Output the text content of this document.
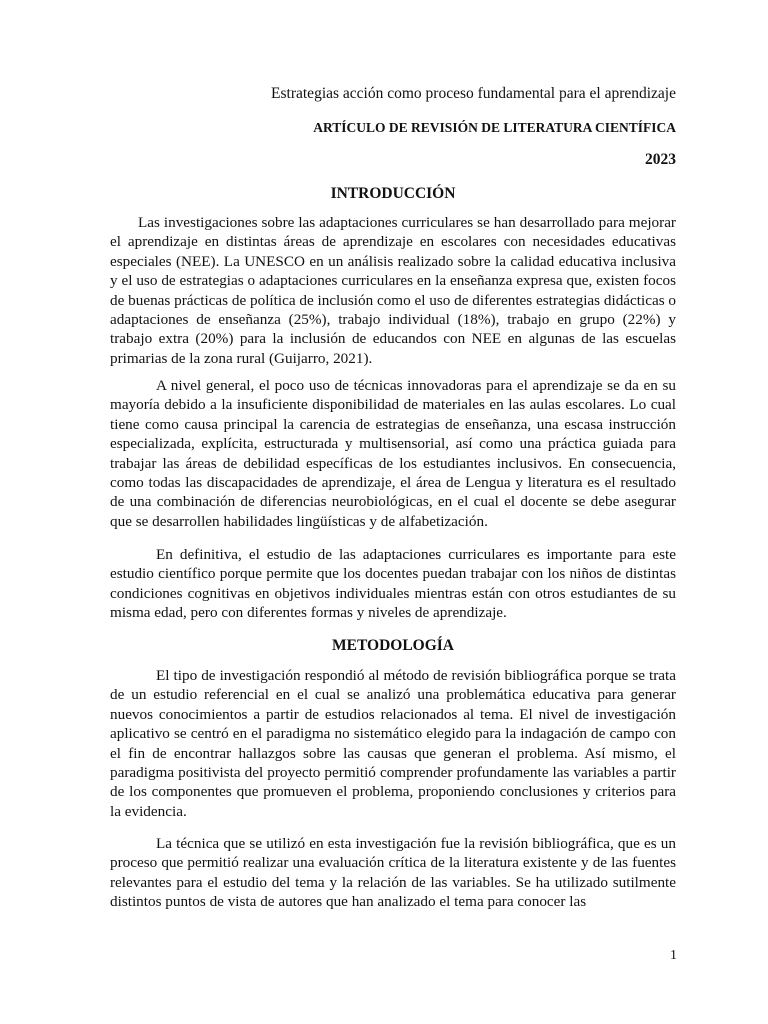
Estrategias acción como proceso fundamental para el aprendizaje
ARTÍCULO DE REVISIÓN DE LITERATURA CIENTÍFICA
2023
INTRODUCCIÓN

Las investigaciones sobre las adaptaciones curriculares se han desarrollado para mejorar el aprendizaje en distintas áreas de aprendizaje en escolares con necesidades educativas especiales (NEE). La UNESCO en un análisis realizado sobre la calidad educativa inclusiva y el uso de estrategias o adaptaciones curriculares en la enseñanza expresa que, existen focos de buenas prácticas de política de inclusión como el uso de diferentes estrategias didácticas o adaptaciones de enseñanza (25%), trabajo individual (18%), trabajo en grupo (22%) y trabajo extra (20%) para la inclusión de educandos con NEE en algunas de las escuelas primarias de la zona rural (Guijarro, 2021).

A nivel general, el poco uso de técnicas innovadoras para el aprendizaje se da en su mayoría debido a la insuficiente disponibilidad de materiales en las aulas escolares. Lo cual tiene como causa principal la carencia de estrategias de enseñanza, una escasa instrucción especializada, explícita, estructurada y multisensorial, así como una práctica guiada para trabajar las áreas de debilidad específicas de los estudiantes inclusivos. En consecuencia, como todas las discapacidades de aprendizaje, el área de Lengua y literatura es el resultado de una combinación de diferencias neurobiológicas, en el cual el docente se debe asegurar que se desarrollen habilidades lingüísticas y de alfabetización.

En definitiva, el estudio de las adaptaciones curriculares es importante para este estudio científico porque permite que los docentes puedan trabajar con los niños de distintas condiciones cognitivas en objetivos individuales mientras están con otros estudiantes de su misma edad, pero con diferentes formas y niveles de aprendizaje.

METODOLOGÍA

El tipo de investigación respondió al método de revisión bibliográfica porque se trata de un estudio referencial en el cual se analizó una problemática educativa para generar nuevos conocimientos a partir de estudios relacionados al tema. El nivel de investigación aplicativo se centró en el paradigma no sistemático elegido para la indagación de campo con el fin de encontrar hallazgos sobre las causas que generan el problema. Así mismo, el paradigma positivista del proyecto permitió comprender profundamente las variables a partir de los componentes que promueven el problema, proponiendo conclusiones y criterios para la evidencia.

La técnica que se utilizó en esta investigación fue la revisión bibliográfica, que es un proceso que permitió realizar una evaluación crítica de la literatura existente y de las fuentes relevantes para el estudio del tema y la relación de las variables. Se ha utilizado sutilmente distintos puntos de vista de autores que han analizado el tema para conocer las

1
